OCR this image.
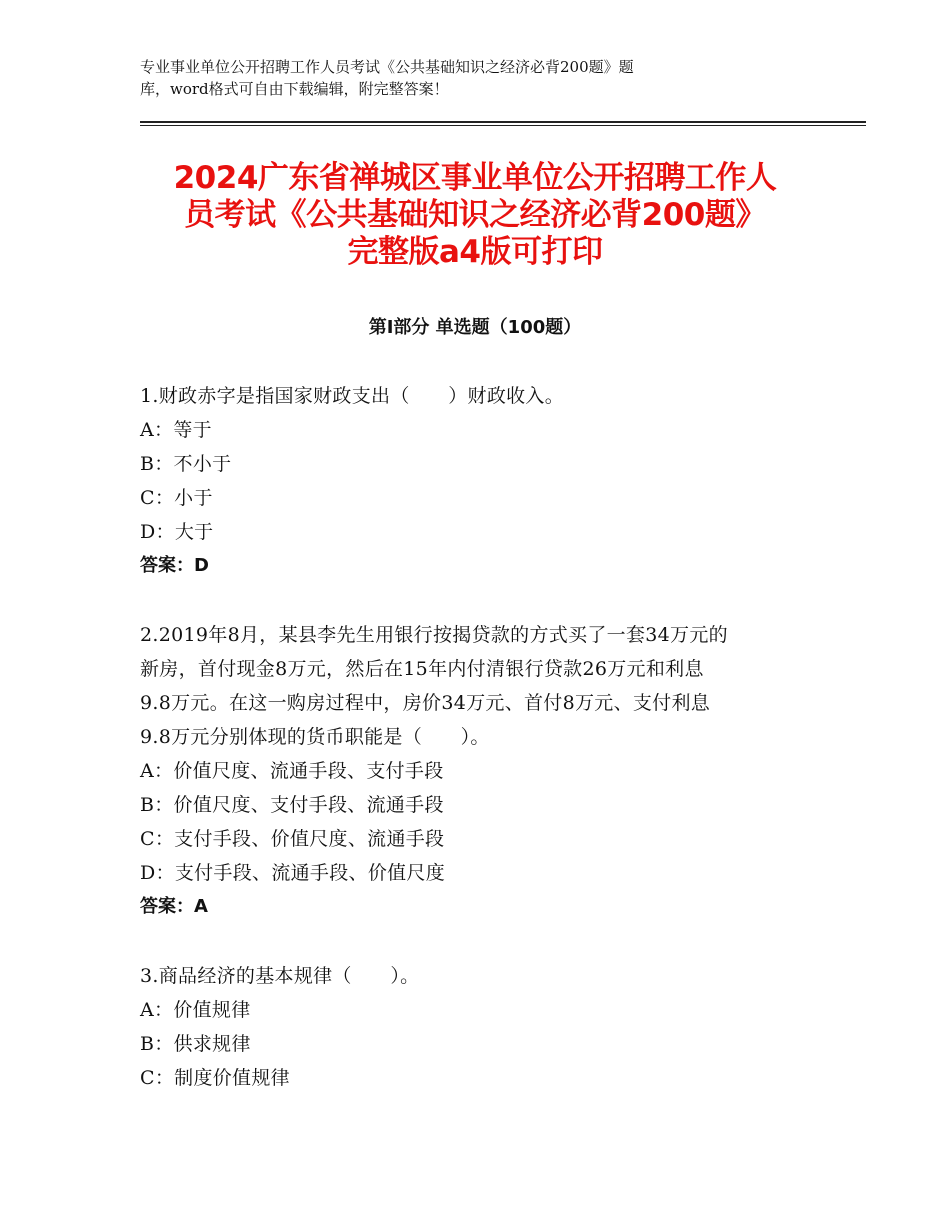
专业事业单位公开招聘工作人员考试《公共基础知识之经济必背200题》题
库，word格式可自由下载编辑，附完整答案！
2024广东省禅城区事业单位公开招聘工作人
员考试《公共基础知识之经济必背200题》
完整版a4版可打印
第Ⅰ部分 单选题（100题）
1.财政赤字是指国家财政支出（　　）财政收入。
A：等于
B：不小于
C：小于
D：大于
答案：D
2.2019年8月，某县李先生用银行按揭贷款的方式买了一套34万元的
新房，首付现金8万元，然后在15年内付清银行贷款26万元和利息
9.8万元。在这一购房过程中，房价34万元、首付8万元、支付利息
9.8万元分别体现的货币职能是（　　）。
A：价值尺度、流通手段、支付手段
B：价值尺度、支付手段、流通手段
C：支付手段、价值尺度、流通手段
D：支付手段、流通手段、价值尺度
答案：A
3.商品经济的基本规律（　　）。
A：价值规律
B：供求规律
C：制度价值规律
